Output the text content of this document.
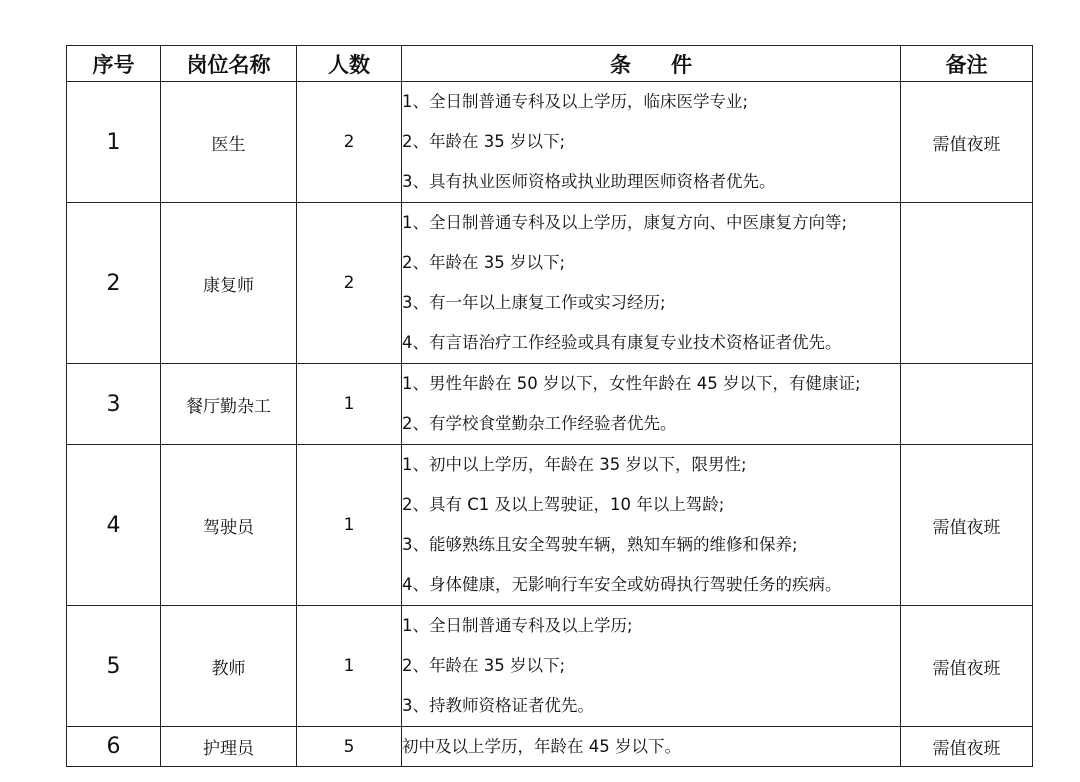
序号	岗位名称	人数	条 件	备注
1	医生	2	1、全日制普通专科及以上学历，临床医学专业;
2、年龄在 35 岁以下;
3、具有执业医师资格或执业助理医师资格者优先。	需值夜班
2	康复师	2	1、全日制普通专科及以上学历，康复方向、中医康复方向等;
2、年龄在 35 岁以下;
3、有一年以上康复工作或实习经历;
4、有言语治疗工作经验或具有康复专业技术资格证者优先。	

3	餐厅勤杂工	1	1、男性年龄在 50 岁以下，女性年龄在 45 岁以下，有健康证;
2、有学校食堂勤杂工作经验者优先。	

4	驾驶员	1	1、初中以上学历，年龄在 35 岁以下，限男性;
2、具有 C1 及以上驾驶证，10 年以上驾龄;
3、能够熟练且安全驾驶车辆，熟知车辆的维修和保养;
4、身体健康，无影响行车安全或妨碍执行驾驶任务的疾病。	需值夜班
5	教师	1	1、全日制普通专科及以上学历;
2、年龄在 35 岁以下;
3、持教师资格证者优先。	需值夜班
6	护理员	5	初中及以上学历，年龄在 45 岁以下。	需值夜班
